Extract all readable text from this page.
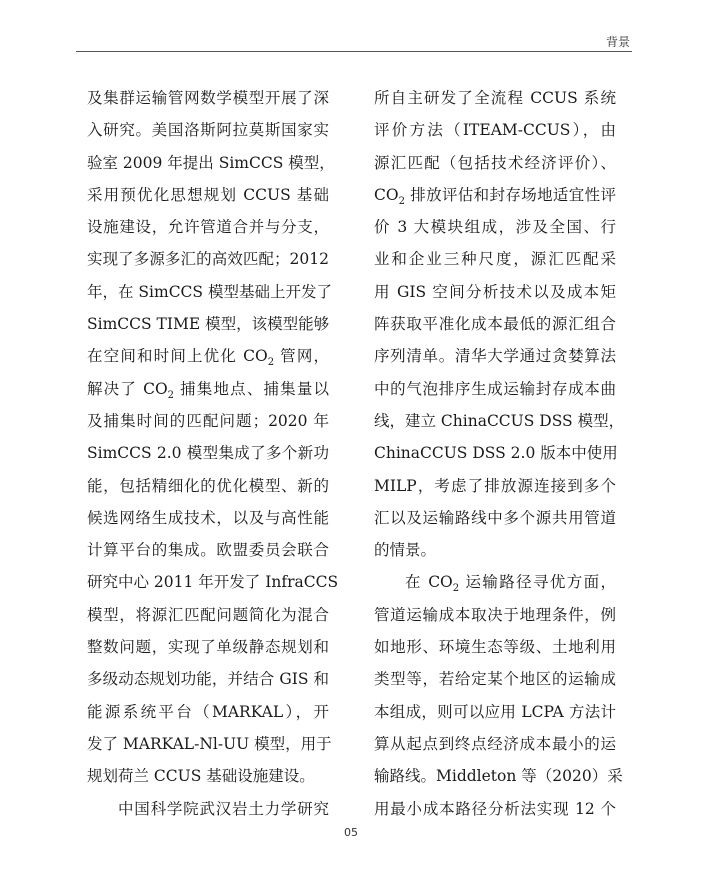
背景
及集群运输管网数学模型开展了深
入研究。美国洛斯阿拉莫斯国家实
验室 2009 年提出 SimCCS 模型，
采用预优化思想规划 CCUS 基础
设施建设，允许管道合并与分支，
实现了多源多汇的高效匹配；2012
年，在 SimCCS 模型基础上开发了
SimCCS TIME 模型，该模型能够
在空间和时间上优化 $CO_2$ 管网，
解决了 $CO_2$ 捕集地点、捕集量以
及捕集时间的匹配问题；2020 年
SimCCS 2.0 模型集成了多个新功
能，包括精细化的优化模型、新的
候选网络生成技术，以及与高性能
计算平台的集成。欧盟委员会联合
研究中心 2011 年开发了 InfraCCS
模型，将源汇匹配问题简化为混合
整数问题，实现了单级静态规划和
多级动态规划功能，并结合 GIS 和
能源系统平台（MARKAL），开
发了 MARKAL-Nl-UU 模型，用于
规划荷兰 CCUS 基础设施建设。
中国科学院武汉岩土力学研究
所自主研发了全流程 CCUS 系统
评价方法（ITEAM-CCUS），由
源汇匹配（包括技术经济评价）、
$CO_2$ 排放评估和封存场地适宜性评
价 3 大模块组成，涉及全国、行
业和企业三种尺度，源汇匹配采
用 GIS 空间分析技术以及成本矩
阵获取平准化成本最低的源汇组合
序列清单。清华大学通过贪婪算法
中的气泡排序生成运输封存成本曲
线，建立 ChinaCCUS DSS 模型，
ChinaCCUS DSS 2.0 版本中使用
MILP，考虑了排放源连接到多个
汇以及运输路线中多个源共用管道
的情景。
在 $CO_2$ 运输路径寻优方面，
管道运输成本取决于地理条件，例
如地形、环境生态等级、土地利用
类型等，若给定某个地区的运输成
本组成，则可以应用 LCPA 方法计
算从起点到终点经济成本最小的运
输路线。Middleton 等（2020）采
用最小成本路径分析法实现 12 个
05
